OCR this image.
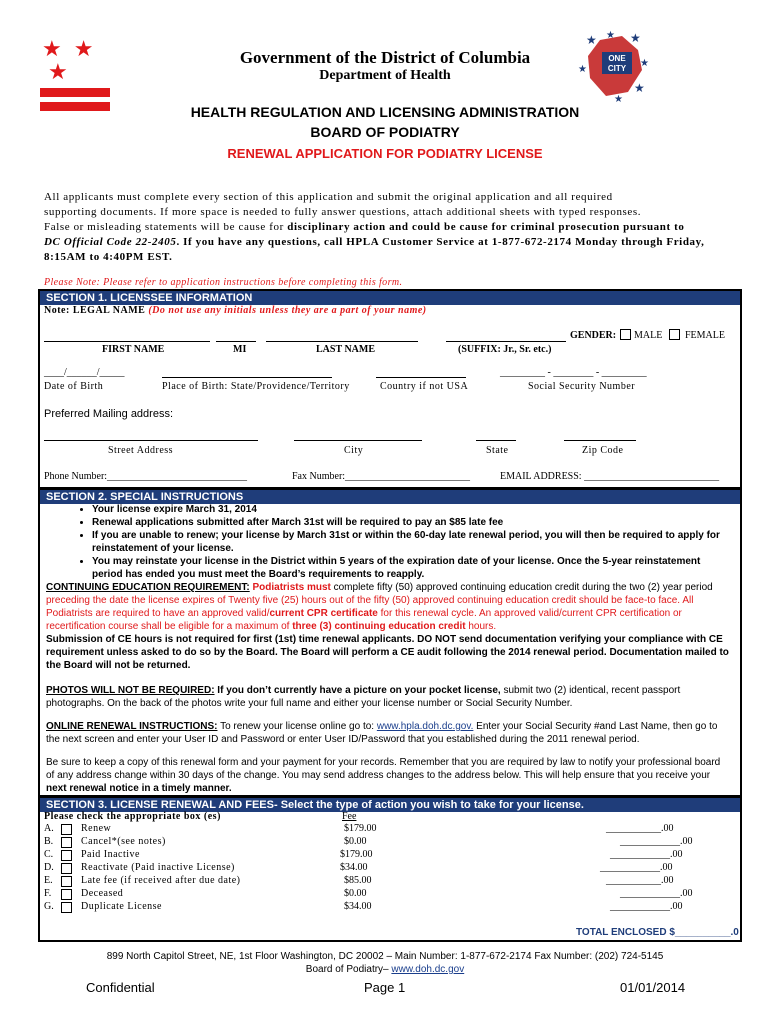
★ ★ ★
Government of the District of Columbia
Department of Health
★ ★ ★
★
★
★
★
ONE
CITY
HEALTH REGULATION AND LICENSING ADMINISTRATION
BOARD OF PODIATRY
RENEWAL APPLICATION FOR PODIATRY LICENSE
All applicants must complete every section of this application and submit the original application and all required
supporting documents. If more space is needed to fully answer questions, attach additional sheets with typed responses.
False or misleading statements will be cause for disciplinary action and could be cause for criminal prosecution pursuant to
DC Official Code 22-2405. If you have any questions, call HPLA Customer Service at 1-877-672-2174 Monday through Friday,
8:15AM to 4:40PM EST.
Please Note: Please refer to application instructions before completing this form.
SECTION 1. LICENSSEE INFORMATION
Note: LEGAL NAME (Do not use any initials unless they are a part of your name)
GENDER: MALE FEMALE
FIRST NAME	MI	LAST NAME	(SUFFIX: Jr., Sr. etc.)
____/______/_____	_________ - ________ - _________
Date of Birth	Place of Birth: State/Providence/Territory	Country if not USA	Social Security Number
Preferred Mailing address:
Street Address	City	State	Zip Code
Phone Number:____________________________	Fax Number:_________________________	EMAIL ADDRESS: ___________________________
SECTION 2. SPECIAL INSTRUCTIONS
• Your license expire March 31, 2014
• Renewal applications submitted after March 31st will be required to pay an $85 late fee
• If you are unable to renew; your license by March 31st or within the 60-day late renewal period, you will then be required to apply for reinstatement of your license.
• You may reinstate your license in the District within 5 years of the expiration date of your license. Once the 5-year reinstatement period has ended you must meet the Board’s requirements to reapply.
CONTINUING EDUCATION REQUIREMENT: Podiatrists must complete fifty (50) approved continuing education credit during the two (2) year period preceding the date the license expires of Twenty five (25) hours out of the fifty (50) approved continuing education credit should be face-to face. All Podiatrists are required to have an approved valid/current CPR certificate for this renewal cycle. An approved valid/current CPR certification or recertification course shall be eligible for a maximum of three (3) continuing education credit hours.
Submission of CE hours is not required for first (1st) time renewal applicants. DO NOT send documentation verifying your compliance with CE requirement unless asked to do so by the Board. The Board will perform a CE audit following the 2014 renewal period. Documentation mailed to the Board will not be returned.
PHOTOS WILL NOT BE REQUIRED: If you don’t currently have a picture on your pocket license, submit two (2) identical, recent passport photographs. On the back of the photos write your full name and either your license number or Social Security Number.
ONLINE RENEWAL INSTRUCTIONS: To renew your license online go to: www.hpla.doh.dc.gov. Enter your Social Security #and Last Name, then go to the next screen and enter your User ID and Password or enter User ID/Password that you established during the 2011 renewal period.
Be sure to keep a copy of this renewal form and your payment for your records. Remember that you are required by law to notify your professional board of any address change within 30 days of the change. You may send address changes to the address below. This will help ensure that you receive your next renewal notice in a timely manner.
SECTION 3. LICENSE RENEWAL AND FEES- Select the type of action you wish to take for your license.
Please check the appropriate box (es)	Fee
A.	Renew	$179.00	___________.00
B.	Cancel*(see notes)	$0.00	____________.00
C.	Paid Inactive	$179.00	____________.00
D.	Reactivate (Paid inactive License)	$34.00	____________.00
E.	Late fee (if received after due date)	$85.00	___________.00
F.	Deceased	$0.00	____________.00
G.	Duplicate License	$34.00	____________.00
TOTAL ENCLOSED $__________.0
899 North Capitol Street, NE, 1st Floor Washington, DC 20002 – Main Number: 1-877-672-2174 Fax Number: (202) 724-5145
Board of Podiatry– www.doh.dc.gov
Confidential	Page 1	01/01/2014
